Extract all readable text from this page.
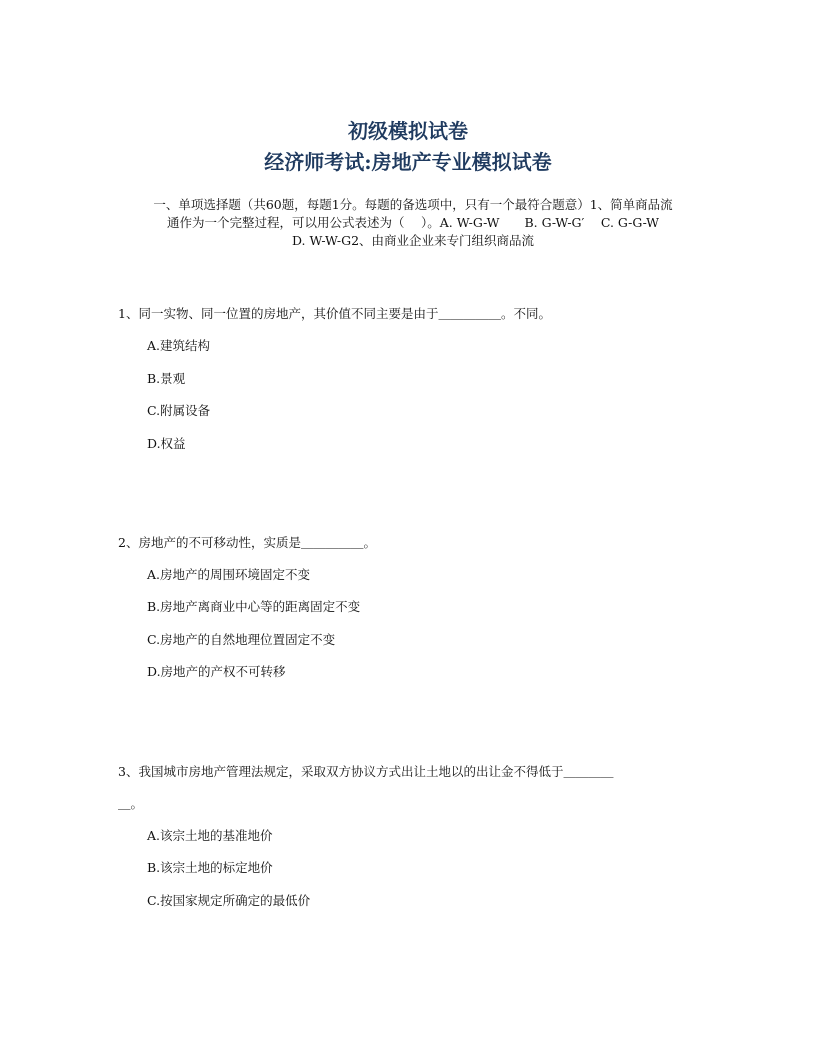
初级模拟试卷
经济师考试:房地产专业模拟试卷
一、单项选择题（共60题，每题1分。每题的备选项中，只有一个最符合题意）1、简单商品流
通作为一个完整过程，可以用公式表述为（　 ）。A. W-G-W　　B. G-W-G′　 C. G-G-W
D. W-W-G2、由商业企业来专门组织商品流

1、同一实物、同一位置的房地产，其价值不同主要是由于＿＿＿＿＿。不同。

A.建筑结构

B.景观

C.附属设备

D.权益

2、房地产的不可移动性，实质是＿＿＿＿＿。

A.房地产的周围环境固定不变

B.房地产离商业中心等的距离固定不变

C.房地产的自然地理位置固定不变

D.房地产的产权不可转移

3、我国城市房地产管理法规定，采取双方协议方式出让土地以的出让金不得低于＿＿＿＿

＿。

A.该宗土地的基准地价

B.该宗土地的标定地价

C.按国家规定所确定的最低价
